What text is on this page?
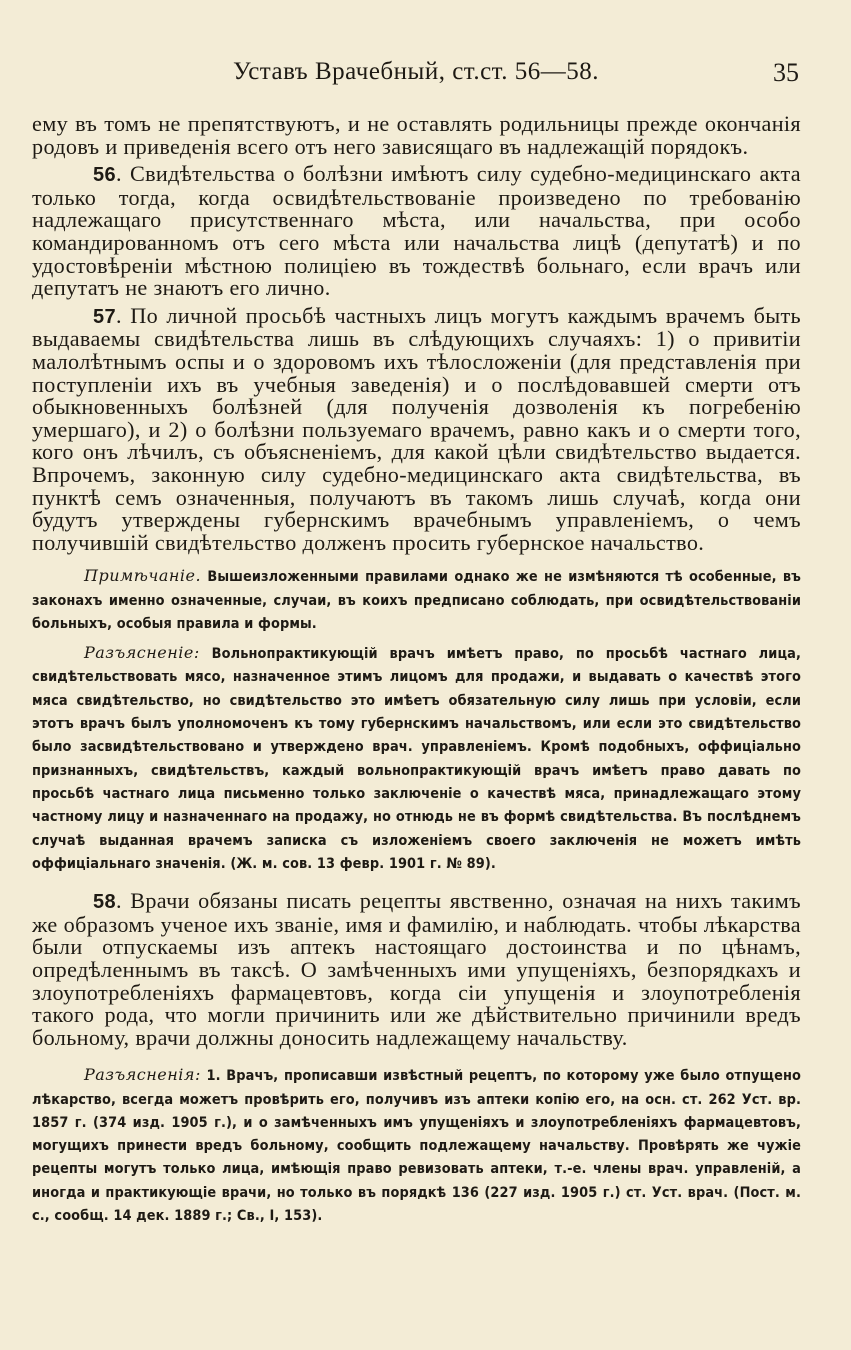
Уставъ Врачебный, ст.ст. 56—58.	35

ему въ томъ не препятствуютъ, и не оставлять родильницы прежде окончанія родовъ и приведенія всего отъ него зависящаго въ надлежащій порядокъ.

56. Свидѣтельства о болѣзни имѣютъ силу судебно-медицинскаго акта только тогда, когда освидѣтельствованіе произведено по требованію надлежащаго присутственнаго мѣста, или начальства, при особо командированномъ отъ сего мѣста или начальства лицѣ (депутатѣ) и по удостовѣреніи мѣстною полиціею въ тождествѣ больнаго, если врачъ или депутатъ не знаютъ его лично.

57. По личной просьбѣ частныхъ лицъ могутъ каждымъ врачемъ быть выдаваемы свидѣтельства лишь въ слѣдующихъ случаяхъ: 1) о привитіи малолѣтнымъ оспы и о здоровомъ ихъ тѣлосложеніи (для представленія при поступленіи ихъ въ учебныя заведенія) и о послѣдовавшей смерти отъ обыкновенныхъ болѣзней (для полученія дозволенія къ погребенію умершаго), и 2) о болѣзни пользуемаго врачемъ, равно какъ и о смерти того, кого онъ лѣчилъ, съ объясненіемъ, для какой цѣли свидѣтельство выдается. Впрочемъ, законную силу судебно-медицинскаго акта свидѣтельства, въ пунктѣ семъ означенныя, получаютъ въ такомъ лишь случаѣ, когда они будутъ утверждены губернскимъ врачебнымъ управленіемъ, о чемъ получившій свидѣтельство долженъ просить губернское начальство.

Примѣчаніе. Вышеизложенными правилами однако же не измѣняются тѣ особенные, въ законахъ именно означенные, случаи, въ коихъ предписано соблюдать, при освидѣтельствованіи больныхъ, особыя правила и формы.

Разъясненіе: Вольнопрактикующій врачъ имѣетъ право, по просьбѣ частнаго лица, свидѣтельствовать мясо, назначенное этимъ лицомъ для продажи, и выдавать о качествѣ этого мяса свидѣтельство, но свидѣтельство это имѣетъ обязательную силу лишь при условіи, если этотъ врачъ былъ уполномоченъ къ тому губернскимъ начальствомъ, или если это свидѣтельство было засвидѣтельствовано и утверждено врач. управленіемъ. Кромѣ подобныхъ, оффиціально признанныхъ, свидѣтельствъ, каждый вольнопрактикующій врачъ имѣетъ право давать по просьбѣ частнаго лица письменно только заключеніе о качествѣ мяса, принадлежащаго этому частному лицу и назначеннаго на продажу, но отнюдь не въ формѣ свидѣтельства. Въ послѣднемъ случаѣ выданная врачемъ записка съ изложеніемъ своего заключенія не можетъ имѣть оффиціальнаго значенія. (Ж. м. сов. 13 февр. 1901 г. № 89).

58. Врачи обязаны писать рецепты явственно, означая на нихъ такимъ же образомъ ученое ихъ званіе, имя и фамилію, и наблюдать. чтобы лѣкарства были отпускаемы изъ аптекъ настоящаго достоинства и по цѣнамъ, опредѣленнымъ въ таксѣ. О замѣченныхъ ими упущеніяхъ, безпорядкахъ и злоупотребленіяхъ фармацевтовъ, когда сіи упущенія и злоупотребленія такого рода, что могли причинить или же дѣйствительно причинили вредъ больному, врачи должны доносить надлежащему начальству.

Разъясненія: 1. Врачъ, прописавши извѣстный рецептъ, по которому уже было отпущено лѣкарство, всегда можетъ провѣрить его, получивъ изъ аптеки копію его, на осн. ст. 262 Уст. вр. 1857 г. (374 изд. 1905 г.), и о замѣченныхъ имъ упущеніяхъ и злоупотребленіяхъ фармацевтовъ, могущихъ принести вредъ больному, сообщить подлежащему начальству. Провѣрять же чужіе рецепты могутъ только лица, имѣющія право ревизовать аптеки, т.-е. члены врач. управленій, а иногда и практикующіе врачи, но только въ порядкѣ 136 (227 изд. 1905 г.) ст. Уст. врач. (Пост. м. с., сообщ. 14 дек. 1889 г.; Св., I, 153).
